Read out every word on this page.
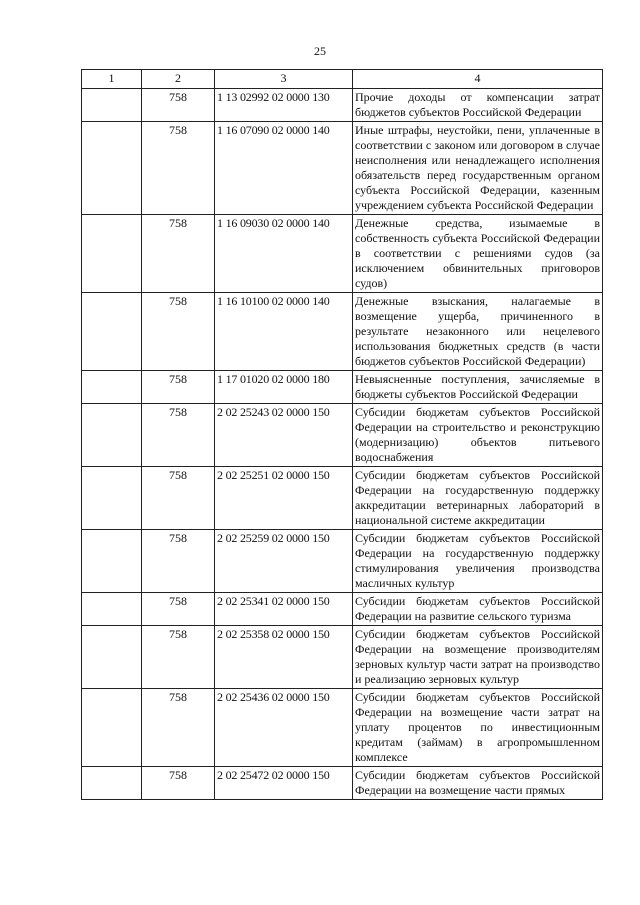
25
1	2	3	4
	758	1 13 02992 02 0000 130	Прочие доходы от компенсации затрат бюджетов субъектов Российской Федерации
	758	1 16 07090 02 0000 140	Иные штрафы, неустойки, пени, уплаченные в соответствии с законом или договором в случае неисполнения или ненадлежащего исполнения обязательств перед государственным органом субъекта Российской Федерации, казенным учреждением субъекта Российской Федерации
	758	1 16 09030 02 0000 140	Денежные средства, изымаемые в собственность субъекта Российской Федерации в соответствии с решениями судов (за исключением обвинительных приговоров судов)
	758	1 16 10100 02 0000 140	Денежные взыскания, налагаемые в возмещение ущерба, причиненного в результате незаконного или нецелевого использования бюджетных средств (в части бюджетов субъектов Российской Федерации)
	758	1 17 01020 02 0000 180	Невыясненные поступления, зачисляемые в бюджеты субъектов Российской Федерации
	758	2 02 25243 02 0000 150	Субсидии бюджетам субъектов Российской Федерации на строительство и реконструкцию (модернизацию) объектов питьевого водоснабжения
	758	2 02 25251 02 0000 150	Субсидии бюджетам субъектов Российской Федерации на государственную поддержку аккредитации ветеринарных лабораторий в национальной системе аккредитации
	758	2 02 25259 02 0000 150	Субсидии бюджетам субъектов Российской Федерации на государственную поддержку стимулирования увеличения производства масличных культур
	758	2 02 25341 02 0000 150	Субсидии бюджетам субъектов Российской Федерации на развитие сельского туризма
	758	2 02 25358 02 0000 150	Субсидии бюджетам субъектов Российской Федерации на возмещение производителям зерновых культур части затрат на производство и реализацию зерновых культур
	758	2 02 25436 02 0000 150	Субсидии бюджетам субъектов Российской Федерации на возмещение части затрат на уплату процентов по инвестиционным кредитам (займам) в агропромышленном комплексе
	758	2 02 25472 02 0000 150	Субсидии бюджетам субъектов Российской Федерации на возмещение части прямых
